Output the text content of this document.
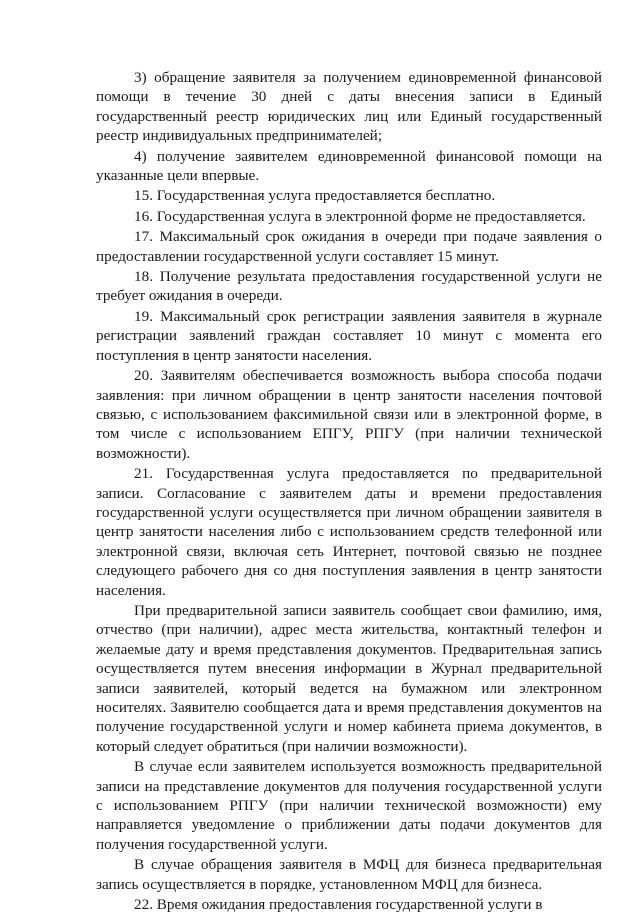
3) обращение заявителя за получением единовременной финансовой помощи в течение 30 дней с даты внесения записи в Единый государственный реестр юридических лиц или Единый государственный реестр индивидуальных предпринимателей;

4) получение заявителем единовременной финансовой помощи на указанные цели впервые.

15. Государственная услуга предоставляется бесплатно.

16. Государственная услуга в электронной форме не предоставляется.

17. Максимальный срок ожидания в очереди при подаче заявления о предоставлении государственной услуги составляет 15 минут.

18. Получение результата предоставления государственной услуги не требует ожидания в очереди.

19. Максимальный срок регистрации заявления заявителя в журнале регистрации заявлений граждан составляет 10 минут с момента его поступления в центр занятости населения.

20. Заявителям обеспечивается возможность выбора способа подачи заявления: при личном обращении в центр занятости населения почтовой связью, с использованием факсимильной связи или в электронной форме, в том числе с использованием ЕПГУ, РПГУ (при наличии технической возможности).

21. Государственная услуга предоставляется по предварительной записи. Согласование с заявителем даты и времени предоставления государственной услуги осуществляется при личном обращении заявителя в центр занятости населения либо с использованием средств телефонной или электронной связи, включая сеть Интернет, почтовой связью не позднее следующего рабочего дня со дня поступления заявления в центр занятости населения.

При предварительной записи заявитель сообщает свои фамилию, имя, отчество (при наличии), адрес места жительства, контактный телефон и желаемые дату и время представления документов. Предварительная запись осуществляется путем внесения информации в Журнал предварительной записи заявителей, который ведется на бумажном или электронном носителях. Заявителю сообщается дата и время представления документов на получение государственной услуги и номер кабинета приема документов, в который следует обратиться (при наличии возможности).

В случае если заявителем используется возможность предварительной записи на представление документов для получения государственной услуги с использованием РПГУ (при наличии технической возможности) ему направляется уведомление о приближении даты подачи документов для получения государственной услуги.

В случае обращения заявителя в МФЦ для бизнеса предварительная запись осуществляется в порядке, установленном МФЦ для бизнеса.

22. Время ожидания предоставления государственной услуги в
